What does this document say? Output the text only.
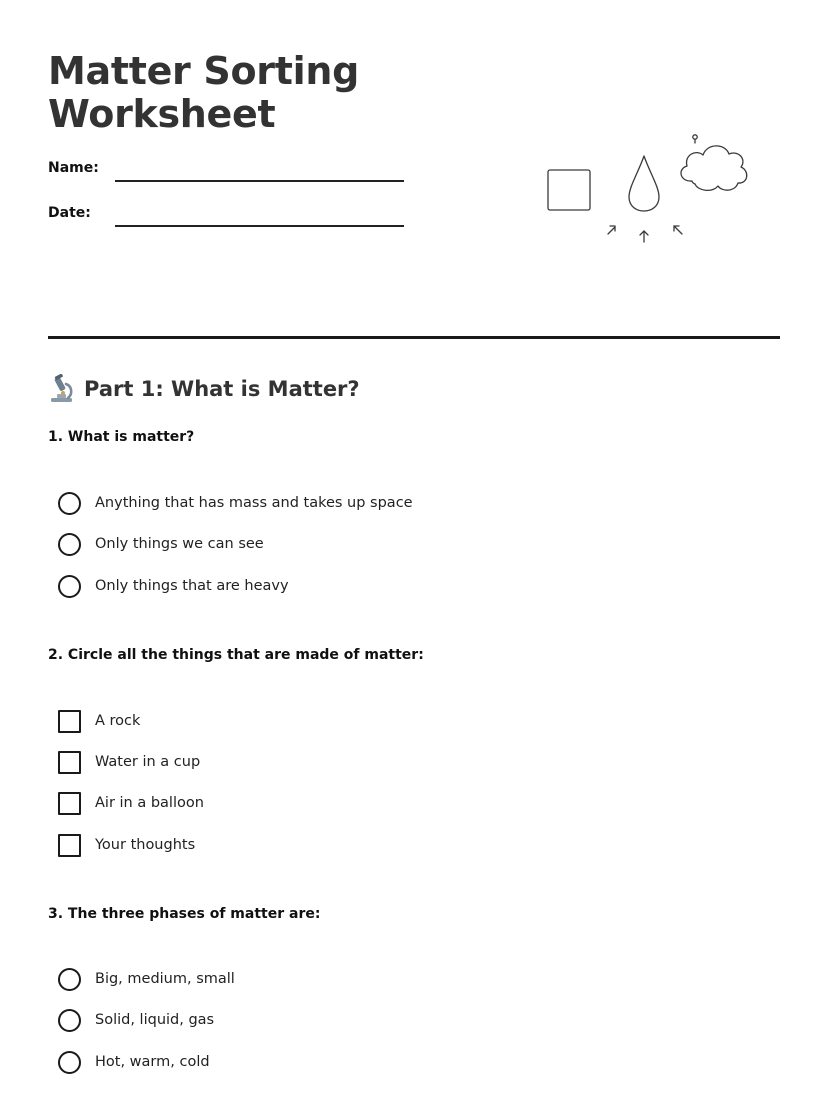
Matter Sorting
Worksheet
Name:
Date:
Part 1: What is Matter?
1. What is matter?
Anything that has mass and takes up space
Only things we can see
Only things that are heavy
2. Circle all the things that are made of matter:
A rock
Water in a cup
Air in a balloon
Your thoughts
3. The three phases of matter are:
Big, medium, small
Solid, liquid, gas
Hot, warm, cold
